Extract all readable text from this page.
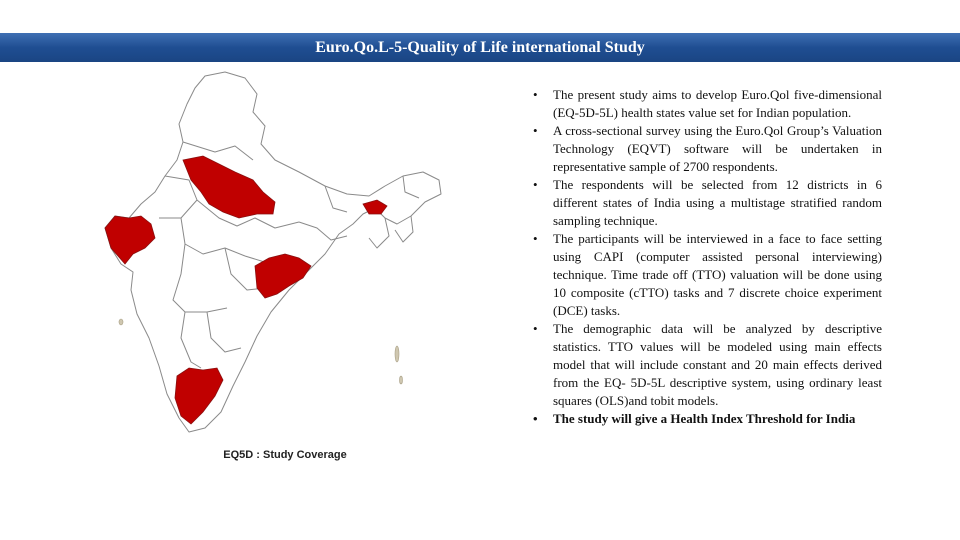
Euro.Qo.L-5-Quality of Life international Study
EQ5D : Study Coverage
• The present study aims to develop Euro.Qol five-dimensional (EQ-5D-5L) health states value set for Indian population.
• A cross-sectional survey using the Euro.Qol Group’s Valuation Technology (EQVT) software will be undertaken in representative sample of 2700 respondents.
• The respondents will be selected from 12 districts in 6 different states of India using a multistage stratified random sampling technique.
• The participants will be interviewed in a face to face setting using CAPI (computer assisted personal interviewing) technique. Time trade off (TTO) valuation will be done using 10 composite (cTTO) tasks and 7 discrete choice experiment (DCE) tasks.
• The demographic data will be analyzed by descriptive statistics. TTO values will be modeled using main effects model that will include constant and 20 main effects derived from the EQ- 5D-5L descriptive system, using ordinary least squares (OLS)and tobit models.
• The study will give a Health Index Threshold for India
